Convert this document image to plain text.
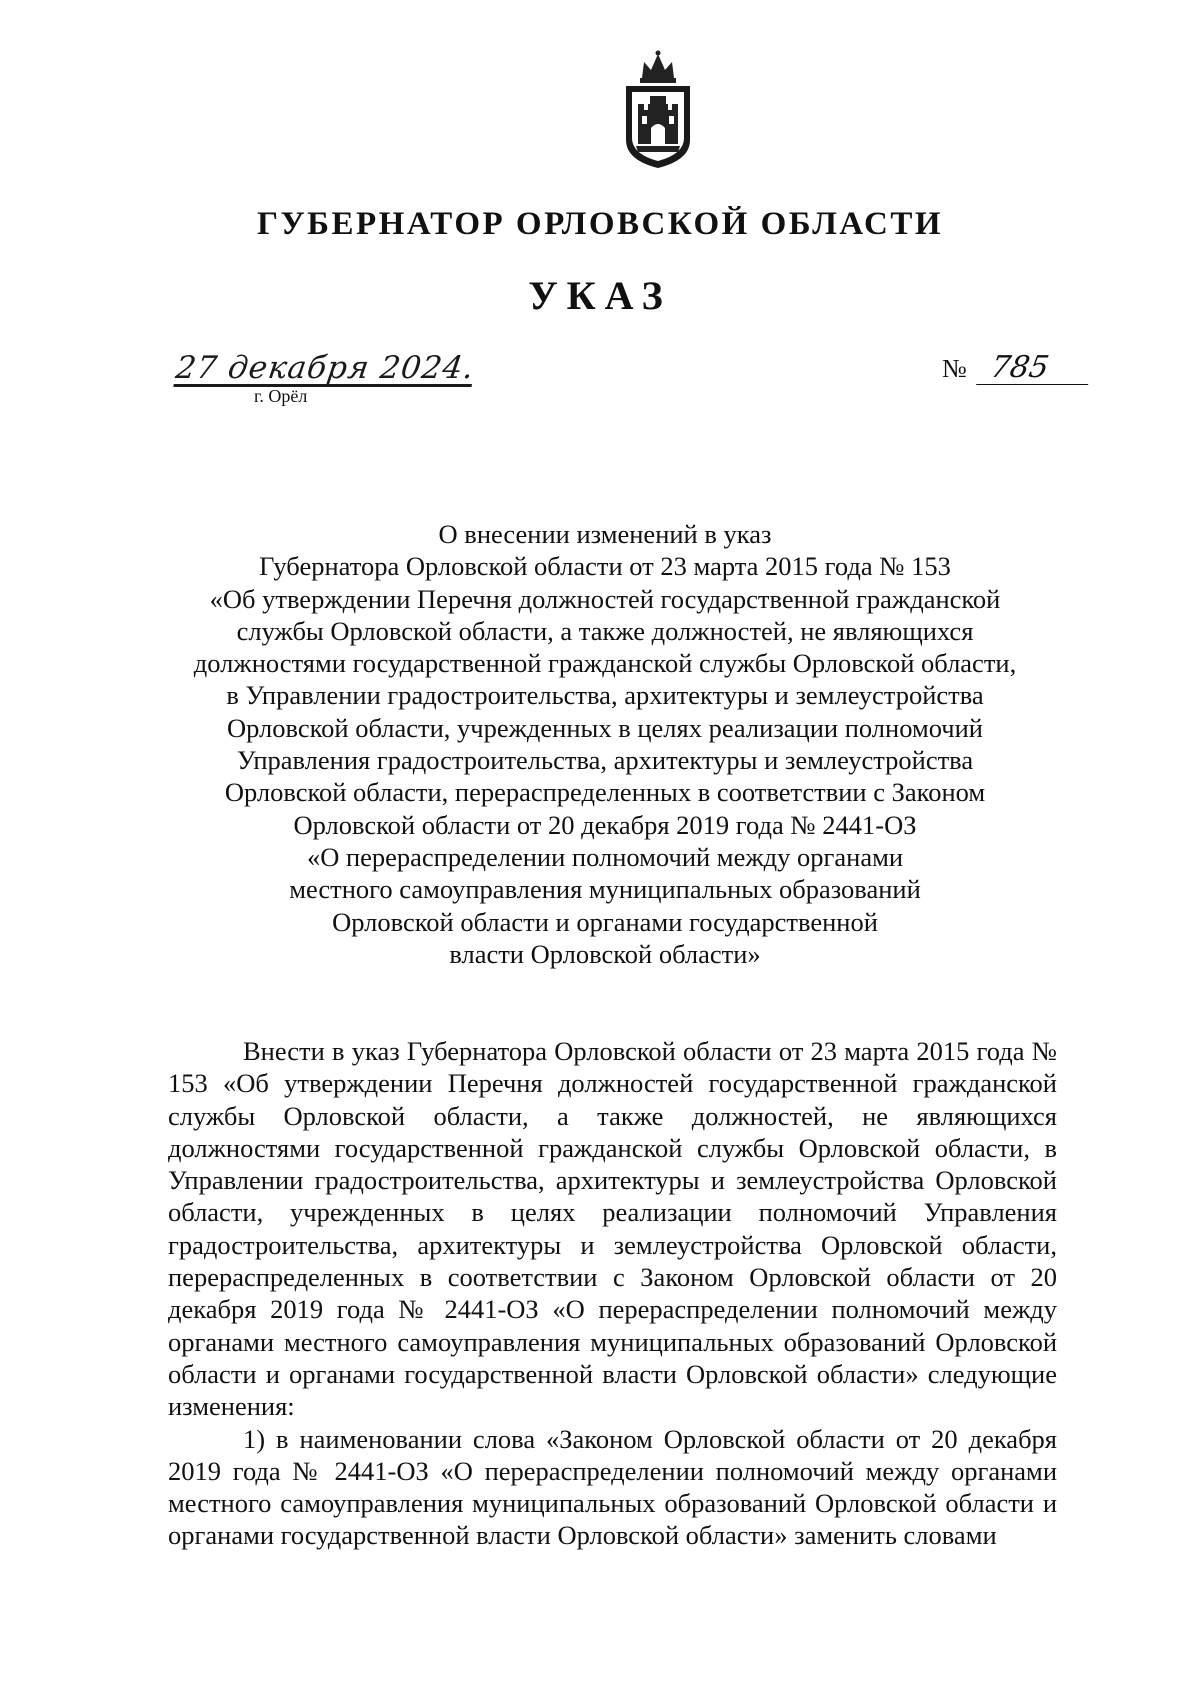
ГУБЕРНАТОР ОРЛОВСКОЙ ОБЛАСТИ
УКАЗ
27 декабря 2024.
г. Орёл
№ 785
О внесении изменений в указ
Губернатора Орловской области от 23 марта 2015 года № 153
«Об утверждении Перечня должностей государственной гражданской
службы Орловской области, а также должностей, не являющихся
должностями государственной гражданской службы Орловской области,
в Управлении градостроительства, архитектуры и землеустройства
Орловской области, учрежденных в целях реализации полномочий
Управления градостроительства, архитектуры и землеустройства
Орловской области, перераспределенных в соответствии с Законом
Орловской области от 20 декабря 2019 года № 2441-ОЗ
«О перераспределении полномочий между органами
местного самоуправления муниципальных образований
Орловской области и органами государственной
власти Орловской области»

Внести в указ Губернатора Орловской области от 23 марта 2015 года № 153 «Об утверждении Перечня должностей государственной гражданской службы Орловской области, а также должностей, не являющихся должностями государственной гражданской службы Орловской области, в Управлении градостроительства, архитектуры и землеустройства Орловской области, учрежденных в целях реализации полномочий Управления градостроительства, архитектуры и землеустройства Орловской области, перераспределенных в соответствии с Законом Орловской области от 20 декабря 2019 года № 2441-ОЗ «О перераспределении полномочий между органами местного самоуправления муниципальных образований Орловской области и органами государственной власти Орловской области» следующие изменения:

1) в наименовании слова «Законом Орловской области от 20 декабря 2019 года № 2441-ОЗ «О перераспределении полномочий между органами местного самоуправления муниципальных образований Орловской области и органами государственной власти Орловской области» заменить словами
